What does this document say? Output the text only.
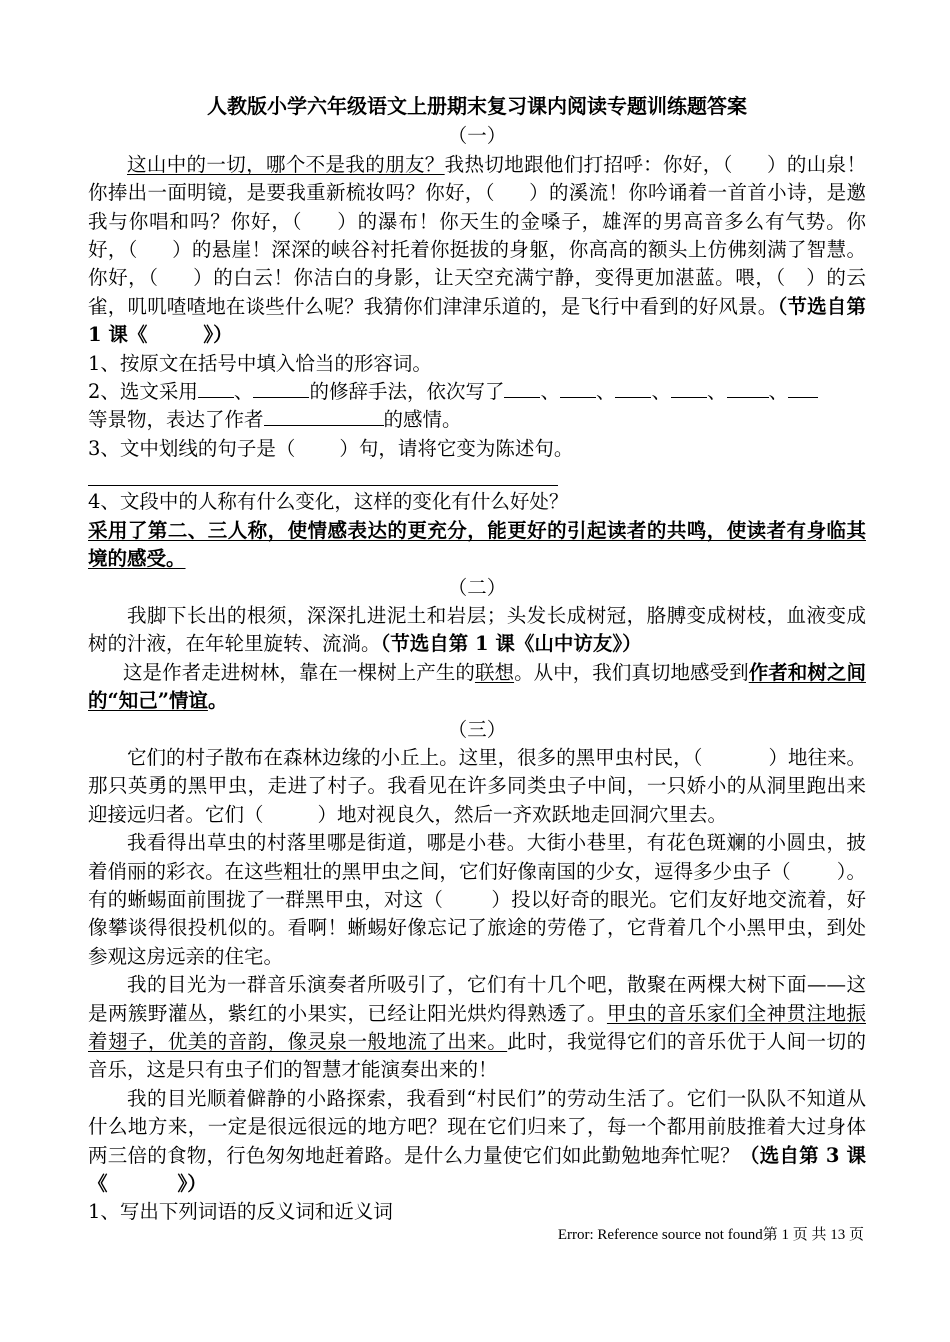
人教版小学六年级语文上册期末复习课内阅读专题训练题答案
（一）
这山中的一切，哪个不是我的朋友？我热切地跟他们打招呼：你好，（ ）的山泉！你捧出一面明镜，是要我重新梳妆吗？你好，（ ）的溪流！你吟诵着一首首小诗，是邀我与你唱和吗？你好，（ ）的瀑布！你天生的金嗓子，雄浑的男高音多么有气势。你好，（ ）的悬崖！深深的峡谷衬托着你挺拔的身躯，你高高的额头上仿佛刻满了智慧。你好，（ ）的白云！你洁白的身影，让天空充满宁静，变得更加湛蓝。喂，（ ）的云雀，叽叽喳喳地在谈些什么呢？我猜你们津津乐道的，是飞行中看到的好风景。（节选自第 1 课《	》）
1、按原文在括号中填入恰当的形容词。
2、选文采用 、	的修辞手法，依次写了 、 、 、 、 、
等景物，表达了作者	的感情。
3、文中划线的句子是（ ）句，请将它变为陈述句。
4、文段中的人称有什么变化，这样的变化有什么好处？
采用了第二、三人称，使情感表达的更充分，能更好的引起读者的共鸣，使读者有身临其境的感受。
（二）
我脚下长出的根须，深深扎进泥土和岩层；头发长成树冠，胳膊变成树枝，血液变成树的汁液，在年轮里旋转、流淌。（节选自第 1 课《山中访友》）
这是作者走进树林，靠在一棵树上产生的联想。从中，我们真切地感受到作者和树之间的“知己”情谊。
（三）
它们的村子散布在森林边缘的小丘上。这里，很多的黑甲虫村民，（	）地往来。那只英勇的黑甲虫，走进了村子。我看见在许多同类虫子中间，一只娇小的从洞里跑出来迎接远归者。它们（	）地对视良久，然后一齐欢跃地走回洞穴里去。
我看得出草虫的村落里哪是街道，哪是小巷。大街小巷里，有花色斑斓的小圆虫，披着俏丽的彩衣。在这些粗壮的黑甲虫之间，它们好像南国的少女，逗得多少虫子（ ）。有的蜥蜴面前围拢了一群黑甲虫，对这（ ）投以好奇的眼光。它们友好地交流着，好像攀谈得很投机似的。看啊！蜥蜴好像忘记了旅途的劳倦了，它背着几个小黑甲虫，到处参观这房远亲的住宅。
我的目光为一群音乐演奏者所吸引了，它们有十几个吧，散聚在两棵大树下面——这是两簇野灌丛，紫红的小果实，已经让阳光烘灼得熟透了。甲虫的音乐家们全神贯注地振着翅子，优美的音韵，像灵泉一般地流了出来。此时，我觉得它们的音乐优于人间一切的音乐，这是只有虫子们的智慧才能演奏出来的！
我的目光顺着僻静的小路探索，我看到“村民们”的劳动生活了。它们一队队不知道从什么地方来，一定是很远很远的地方吧？现在它们归来了，每一个都用前肢推着大过身体两三倍的食物，行色匆匆地赶着路。是什么力量使它们如此勤勉地奔忙呢？（选自第 3 课《	》）
1、写出下列词语的反义词和近义词
Error: Reference source not found第 1 页 共 13 页
